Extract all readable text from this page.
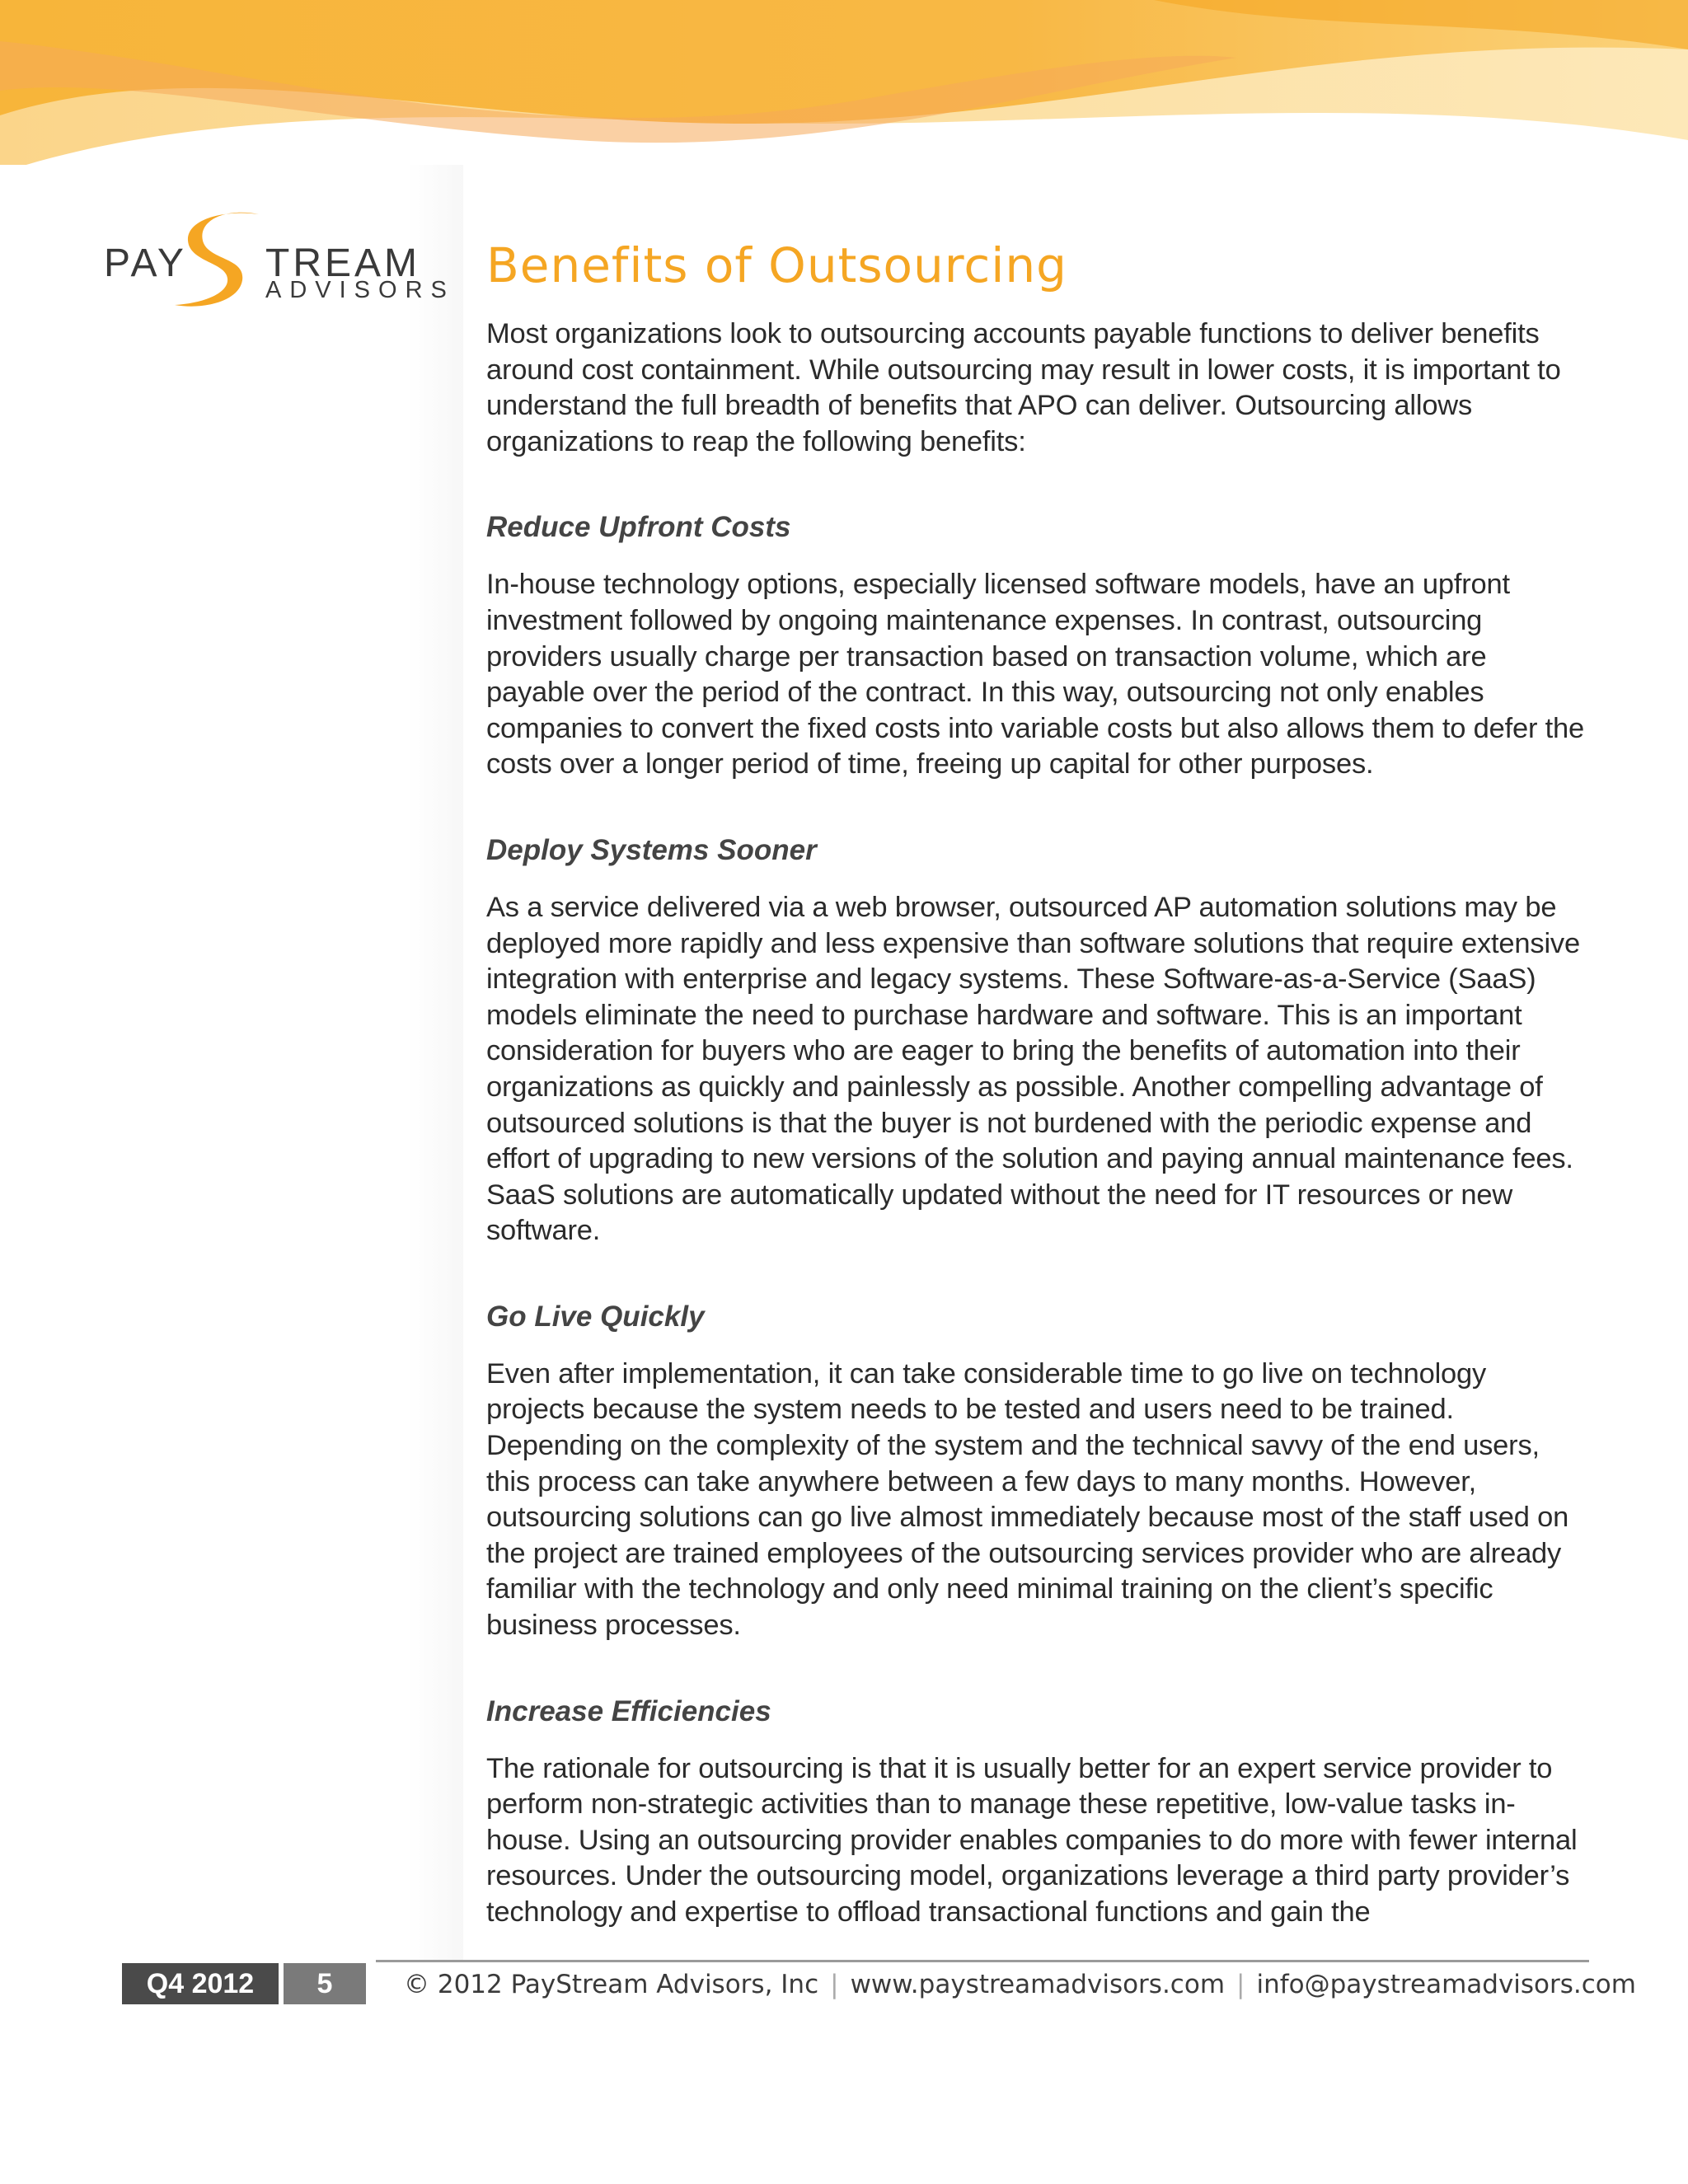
PAY TREAM
ADVISORS Benefits of Outsourcing

Most organizations look to outsourcing accounts payable functions to deliver benefits around cost containment. While outsourcing may result in lower costs, it is important to understand the full breadth of benefits that APO can deliver. Outsourcing allows organizations to reap the following benefits:

Reduce Upfront Costs

In-house technology options, especially licensed software models, have an upfront investment followed by ongoing maintenance expenses. In contrast, outsourcing providers usually charge per transaction based on transaction volume, which are payable over the period of the contract. In this way, outsourcing not only enables companies to convert the fixed costs into variable costs but also allows them to defer the costs over a longer period of time, freeing up capital for other purposes.

Deploy Systems Sooner

As a service delivered via a web browser, outsourced AP automation solutions may be deployed more rapidly and less expensive than software solutions that require extensive integration with enterprise and legacy systems. These Software-as-a-Service (SaaS) models eliminate the need to purchase hardware and software. This is an important consideration for buyers who are eager to bring the benefits of automation into their organizations as quickly and painlessly as possible. Another compelling advantage of outsourced solutions is that the buyer is not burdened with the periodic expense and effort of upgrading to new versions of the solution and paying annual maintenance fees. SaaS solutions are automatically updated without the need for IT resources or new software.

Go Live Quickly

Even after implementation, it can take considerable time to go live on technology projects because the system needs to be tested and users need to be trained. Depending on the complexity of the system and the technical savvy of the end users, this process can take anywhere between a few days to many months. However, outsourcing solutions can go live almost immediately because most of the staff used on the project are trained employees of the outsourcing services provider who are already familiar with the technology and only need minimal training on the client’s specific business processes.

Increase Efficiencies

The rationale for outsourcing is that it is usually better for an expert service provider to perform non-strategic activities than to manage these repetitive, low-value tasks in-house. Using an outsourcing provider enables companies to do more with fewer internal resources. Under the outsourcing model, organizations leverage a third party provider’s technology and expertise to offload transactional functions and gain the

Q4 2012	5	© 2012 PayStream Advisors, Inc | www.paystreamadvisors.com | info@paystreamadvisors.com
